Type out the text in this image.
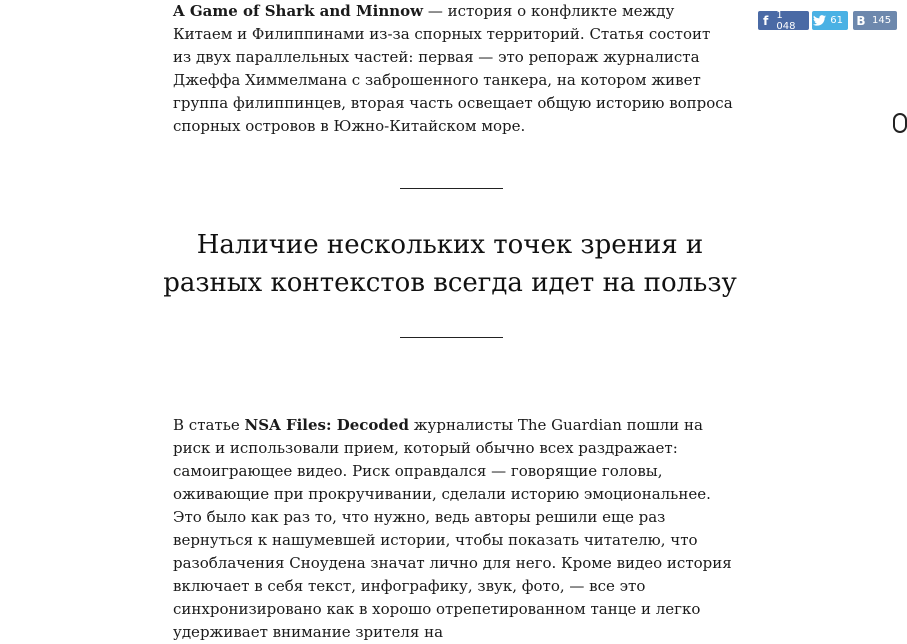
A Game of Shark and Minnow — история о конфликте между Китаем и Филиппинами из-за спорных территорий. Статья состоит из двух параллельных частей: первая — это репораж журналиста Джеффа Химмелмана с заброшенного танкера, на котором живет группа филиппинцев, вторая часть освещает общую историю вопроса спорных островов в Южно-Китайском море.

Наличие нескольких точек зрения и разных контекстов всегда идет на пользу

В статье NSA Files: Decoded журналисты The Guardian пошли на риск и использовали прием, который обычно всех раздражает: самоиграющее видео. Риск оправдался — говорящие головы, оживающие при прокручивании, сделали историю эмоциональнее. Это было как раз то, что нужно, ведь авторы решили еще раз вернуться к нашумевшей истории, чтобы показать читателю, что разоблачения Сноудена значат лично для него. Кроме видео история включает в себя текст, инфографику, звук, фото, — все это синхронизировано как в хорошо отрепетированном танце и легко удерживает внимание зрителя на

f 1 048	61 В 145
